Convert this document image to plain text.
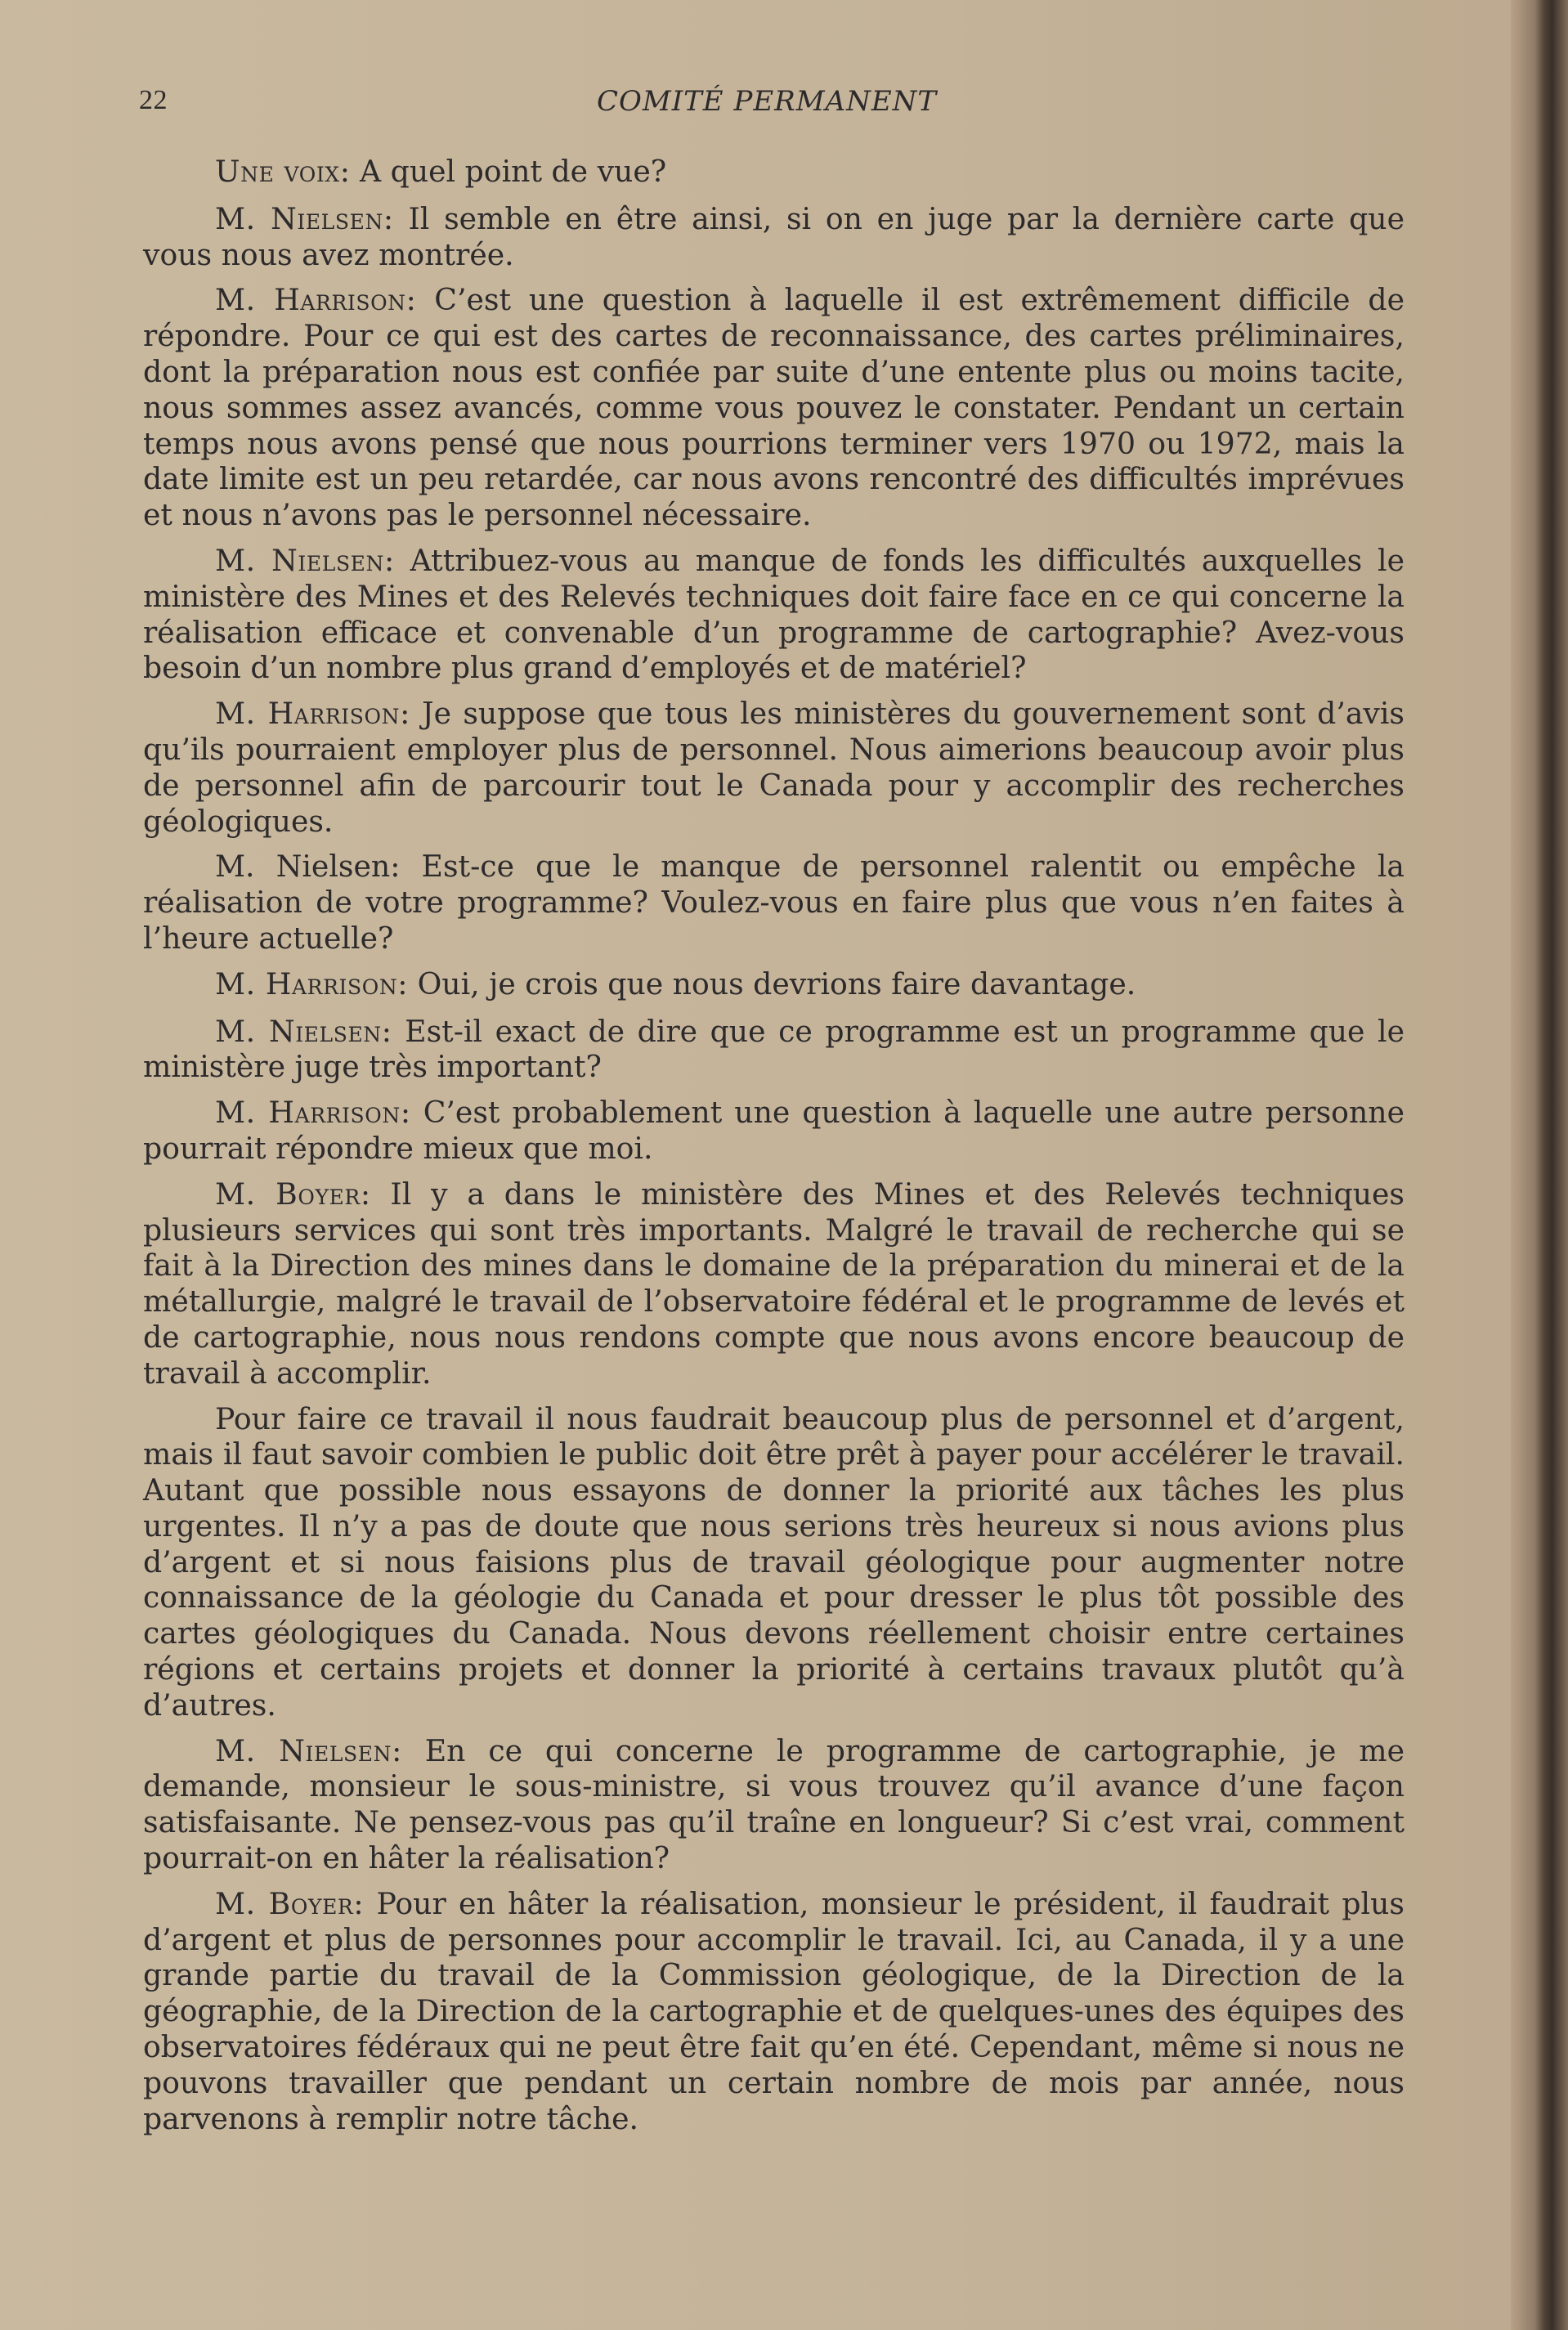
22	COMITÉ PERMANENT

Une voix: A quel point de vue?

M. Nielsen: Il semble en être ainsi, si on en juge par la dernière carte que vous nous avez montrée.

M. Harrison: C’est une question à laquelle il est extrêmement difficile de répondre. Pour ce qui est des cartes de reconnaissance, des cartes préliminaires, dont la préparation nous est confiée par suite d’une entente plus ou moins tacite, nous sommes assez avancés, comme vous pouvez le constater. Pendant un certain temps nous avons pensé que nous pourrions terminer vers 1970 ou 1972, mais la date limite est un peu retardée, car nous avons rencontré des difficultés imprévues et nous n’avons pas le personnel nécessaire.

M. Nielsen: Attribuez-vous au manque de fonds les difficultés auxquelles le ministère des Mines et des Relevés techniques doit faire face en ce qui concerne la réalisation efficace et convenable d’un programme de cartographie? Avez-vous besoin d’un nombre plus grand d’employés et de matériel?

M. Harrison: Je suppose que tous les ministères du gouvernement sont d’avis qu’ils pourraient employer plus de personnel. Nous aimerions beaucoup avoir plus de personnel afin de parcourir tout le Canada pour y accomplir des recherches géologiques.

M. Nielsen: Est-ce que le manque de personnel ralentit ou empêche la réalisation de votre programme? Voulez-vous en faire plus que vous n’en faites à l’heure actuelle?

M. Harrison: Oui, je crois que nous devrions faire davantage.

M. Nielsen: Est-il exact de dire que ce programme est un programme que le ministère juge très important?

M. Harrison: C’est probablement une question à laquelle une autre personne pourrait répondre mieux que moi.

M. Boyer: Il y a dans le ministère des Mines et des Relevés techniques plusieurs services qui sont très importants. Malgré le travail de recherche qui se fait à la Direction des mines dans le domaine de la préparation du minerai et de la métallurgie, malgré le travail de l’observatoire fédéral et le programme de levés et de cartographie, nous nous rendons compte que nous avons encore beaucoup de travail à accomplir.

Pour faire ce travail il nous faudrait beaucoup plus de personnel et d’argent, mais il faut savoir combien le public doit être prêt à payer pour accélérer le travail. Autant que possible nous essayons de donner la priorité aux tâches les plus urgentes. Il n’y a pas de doute que nous serions très heureux si nous avions plus d’argent et si nous faisions plus de travail géologique pour augmenter notre connaissance de la géologie du Canada et pour dresser le plus tôt possible des cartes géologiques du Canada. Nous devons réellement choisir entre certaines régions et certains projets et donner la priorité à certains travaux plutôt qu’à d’autres.

M. Nielsen: En ce qui concerne le programme de cartographie, je me demande, monsieur le sous-ministre, si vous trouvez qu’il avance d’une façon satisfaisante. Ne pensez-vous pas qu’il traîne en longueur? Si c’est vrai, comment pourrait-on en hâter la réalisation?

M. Boyer: Pour en hâter la réalisation, monsieur le président, il faudrait plus d’argent et plus de personnes pour accomplir le travail. Ici, au Canada, il y a une grande partie du travail de la Commission géologique, de la Direction de la géographie, de la Direction de la cartographie et de quelques-unes des équipes des observatoires fédéraux qui ne peut être fait qu’en été. Cependant, même si nous ne pouvons travailler que pendant un certain nombre de mois par année, nous parvenons à remplir notre tâche.
